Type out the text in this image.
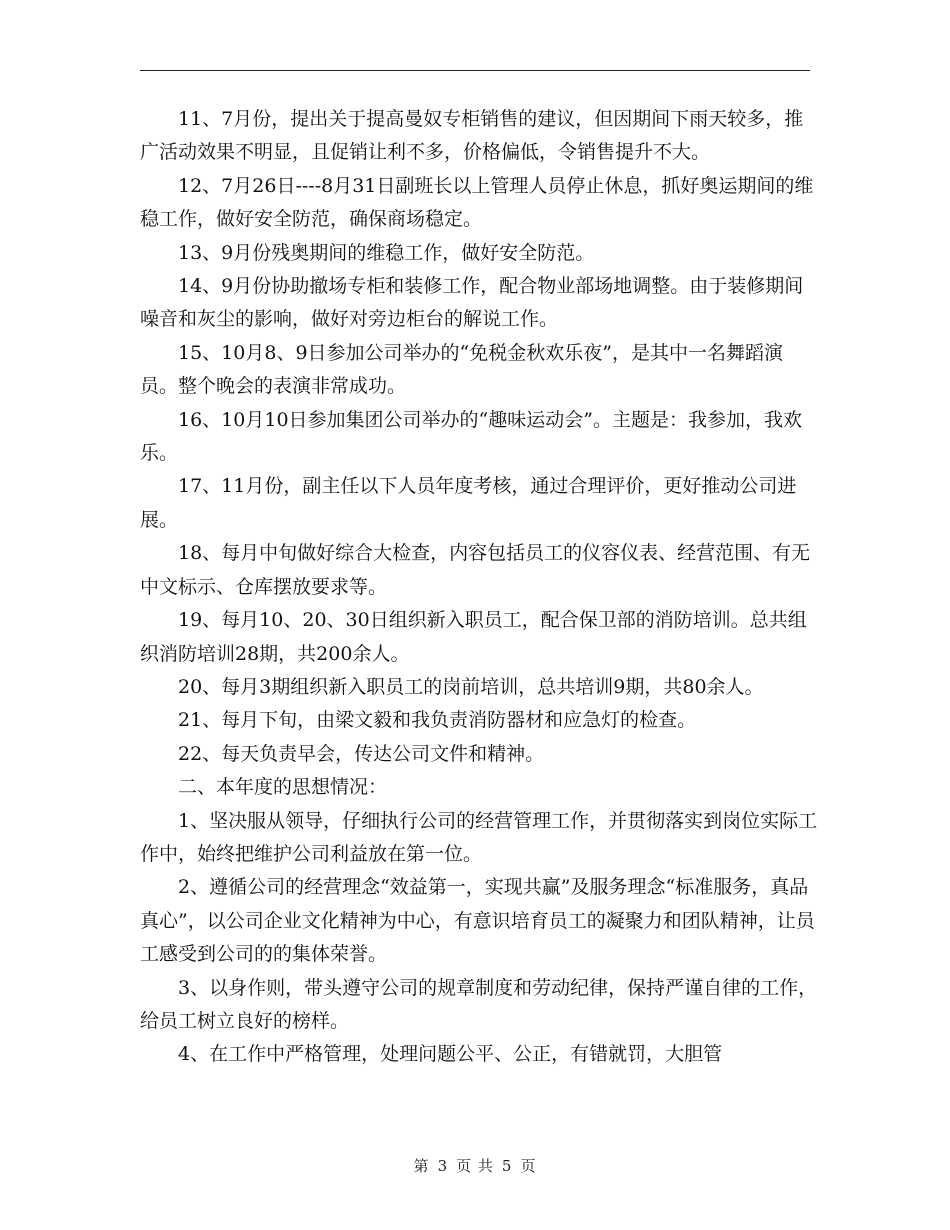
11、7月份，提出关于提高曼奴专柜销售的建议，但因期间下雨天较多，推广活动效果不明显，且促销让利不多，价格偏低，令销售提升不大。

12、7月26日----8月31日副班长以上管理人员停止休息，抓好奥运期间的维稳工作，做好安全防范，确保商场稳定。

13、9月份残奥期间的维稳工作，做好安全防范。

14、9月份协助撤场专柜和装修工作，配合物业部场地调整。由于装修期间噪音和灰尘的影响，做好对旁边柜台的解说工作。

15、10月8、9日参加公司举办的“免税金秋欢乐夜”，是其中一名舞蹈演员。整个晚会的表演非常成功。

16、10月10日参加集团公司举办的“趣味运动会”。主题是：我参加，我欢乐。

17、11月份，副主任以下人员年度考核，通过合理评价，更好推动公司进展。

18、每月中旬做好综合大检查，内容包括员工的仪容仪表、经营范围、有无中文标示、仓库摆放要求等。

19、每月10、20、30日组织新入职员工，配合保卫部的消防培训。总共组织消防培训28期，共200余人。

20、每月3期组织新入职员工的岗前培训，总共培训9期，共80余人。

21、每月下旬，由梁文毅和我负责消防器材和应急灯的检查。

22、每天负责早会，传达公司文件和精神。

二、本年度的思想情况：

1、坚决服从领导，仔细执行公司的经营管理工作，并贯彻落实到岗位实际工作中，始终把维护公司利益放在第一位。

2、遵循公司的经营理念“效益第一，实现共赢”及服务理念“标准服务，真品真心”，以公司企业文化精神为中心，有意识培育员工的凝聚力和团队精神，让员工感受到公司的的集体荣誉。

3、以身作则，带头遵守公司的规章制度和劳动纪律，保持严谨自律的工作，给员工树立良好的榜样。

4、在工作中严格管理，处理问题公平、公正，有错就罚，大胆管

第 3 页 共 5 页
